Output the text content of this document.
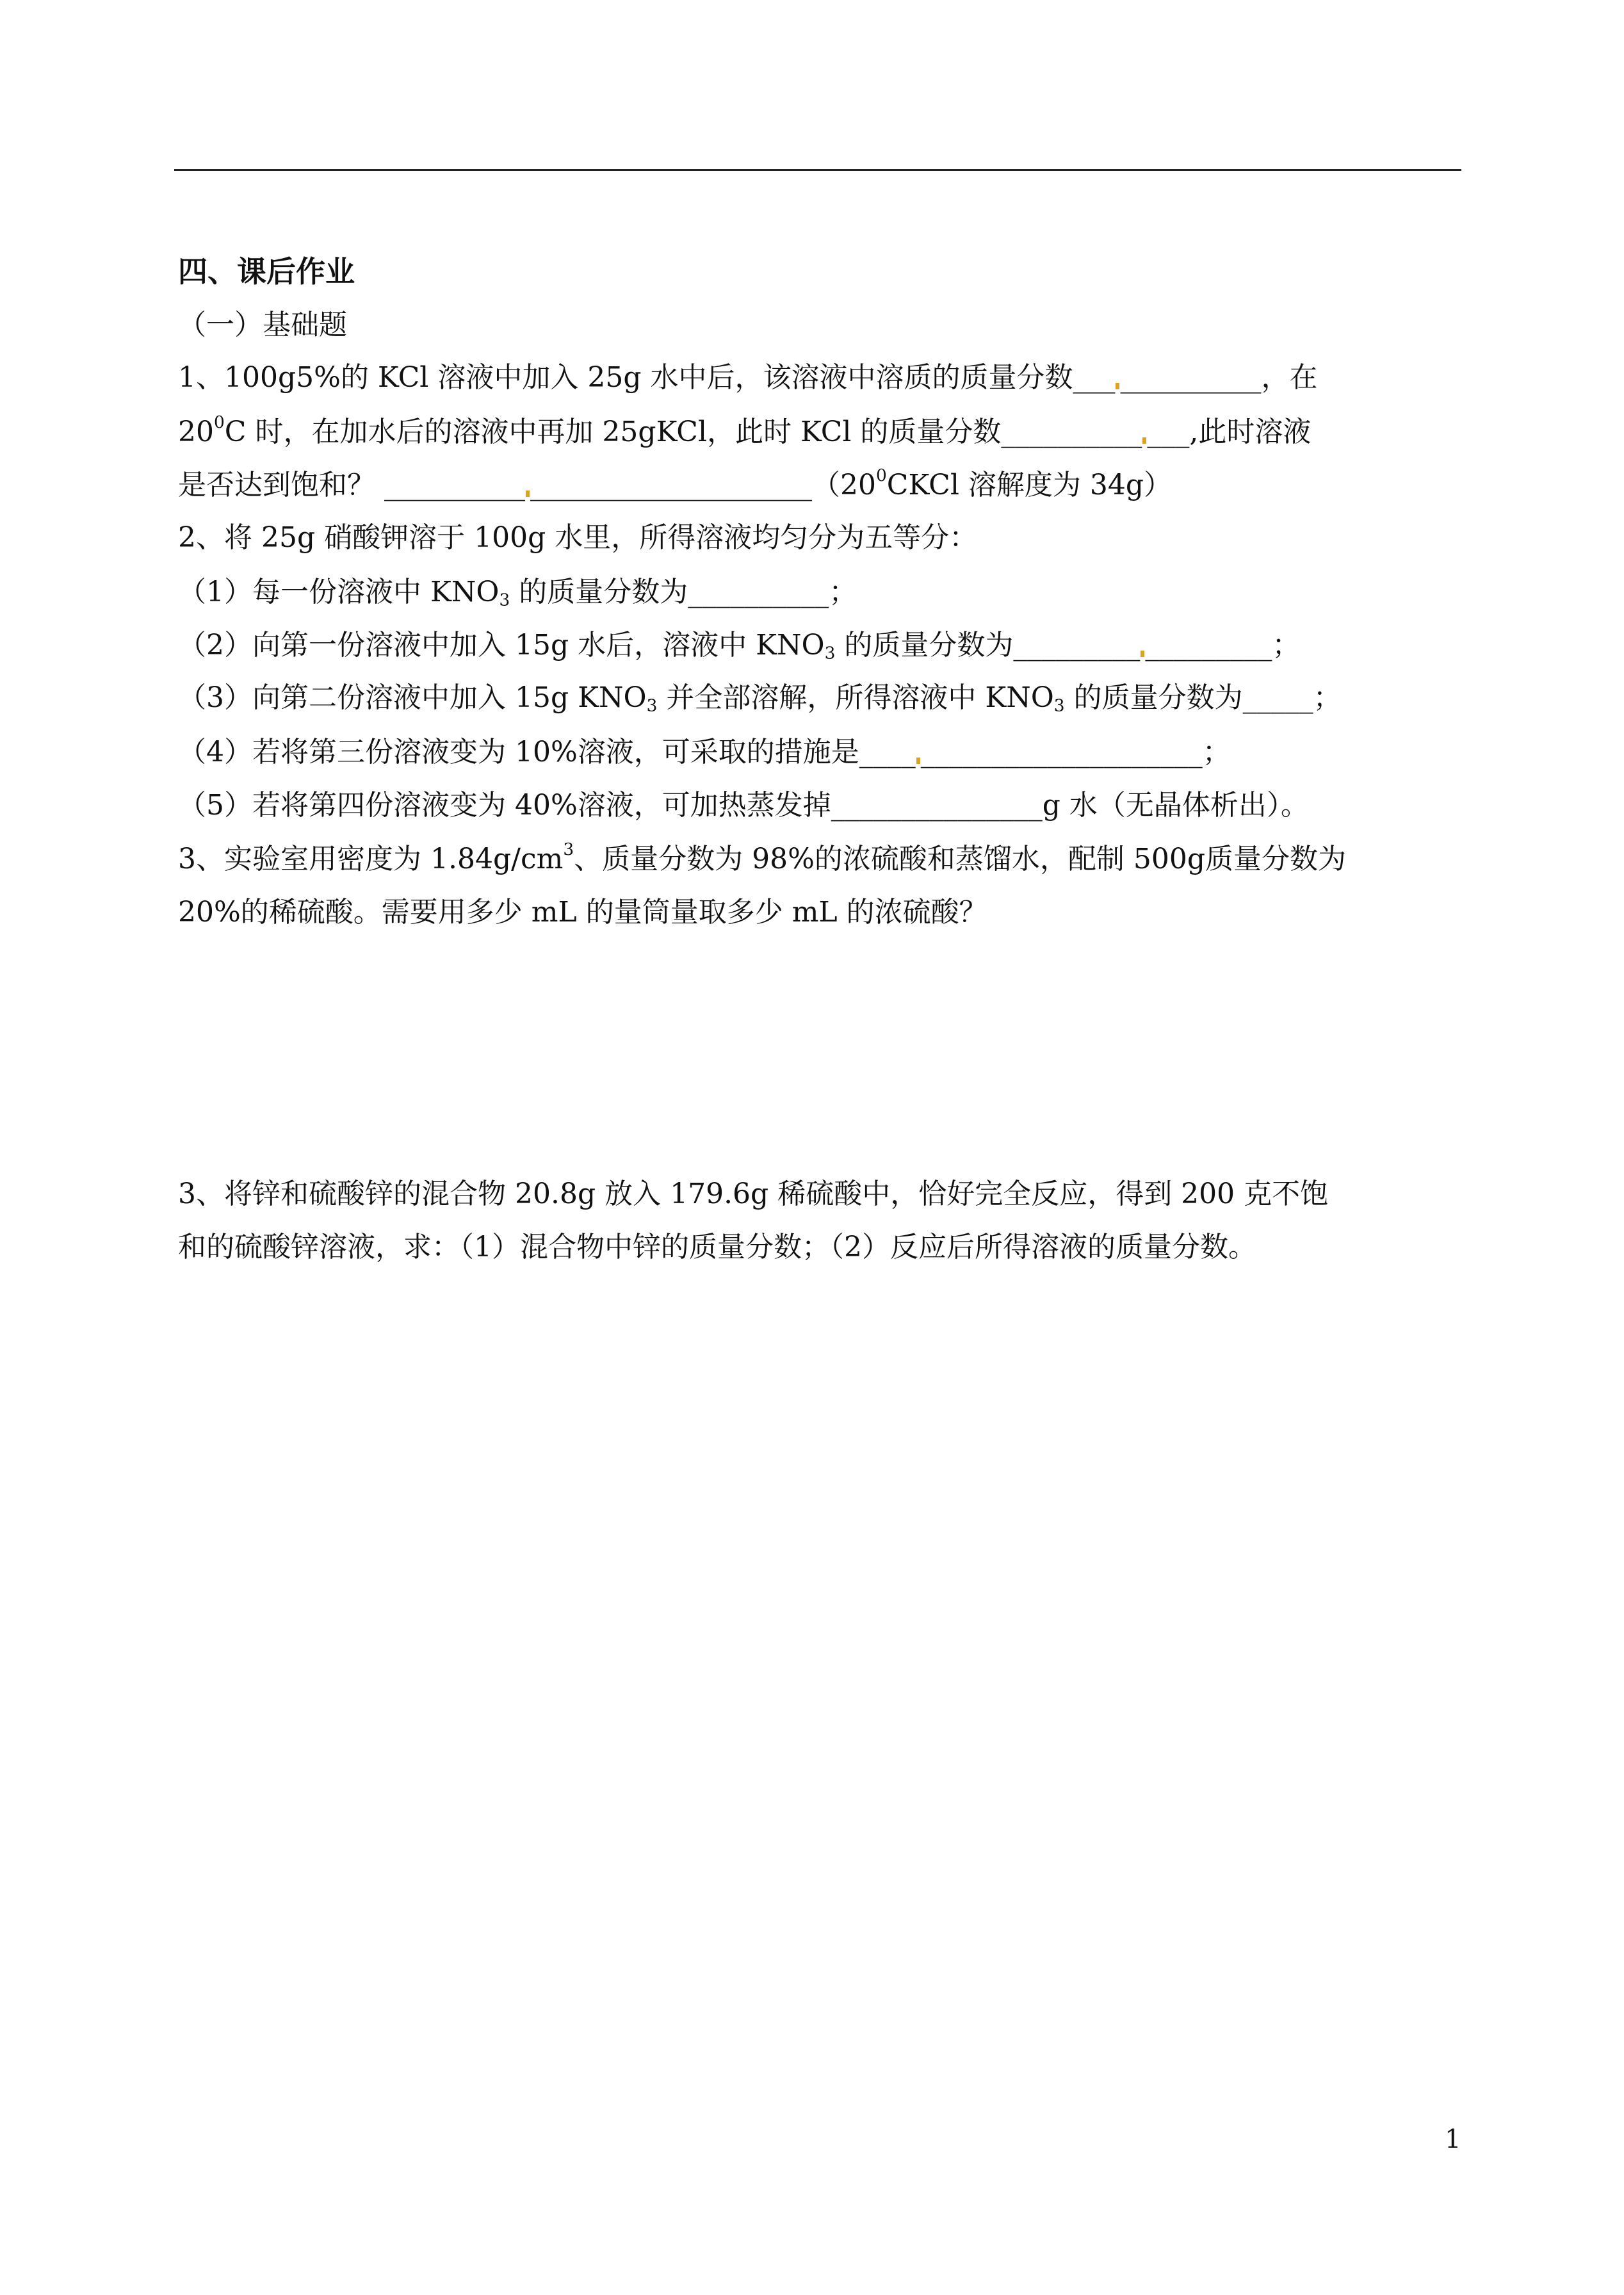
四、课后作业
（一）基础题
1、100g5%的 KCl 溶液中加入 25g 水中后，该溶液中溶质的质量分数___ __________，在
$20^0C$ 时，在加水后的溶液中再加 25gKCl，此时 KCl 的质量分数__________ ___,此时溶液
是否达到饱和？ __________ $\_\_\_\_\_\_\_\_\_\_\_\_\_\_\_\_\_\_\_\_(20^0CKCl$ 溶解度为 34g）
2、将 25g 硝酸钾溶于 100g 水里，所得溶液均匀分为五等分：
（1）每一份溶液中 $KNO_3$ 的质量分数为__________；
（2）向第一份溶液中加入 15g 水后，溶液中 $KNO_3$ 的质量分数为_________ _________；
（3）向第二份溶液中加入 15g $KNO_3$ 并全部溶解，所得溶液中 $KNO_3$ 的质量分数为_____；
（4）若将第三份溶液变为 10%溶液，可采取的措施是____ ____________________；
（5）若将第四份溶液变为 40%溶液，可加热蒸发掉_______________g 水（无晶体析出）。
3、实验室用密度为 $1.84g/cm^3$、质量分数为 98%的浓硫酸和蒸馏水，配制 500g质量分数为
20%的稀硫酸。需要用多少 mL 的量筒量取多少 mL 的浓硫酸？
3、将锌和硫酸锌的混合物 20.8g 放入 179.6g 稀硫酸中，恰好完全反应，得到 200 克不饱
和的硫酸锌溶液，求：（1）混合物中锌的质量分数；（2）反应后所得溶液的质量分数。
1
